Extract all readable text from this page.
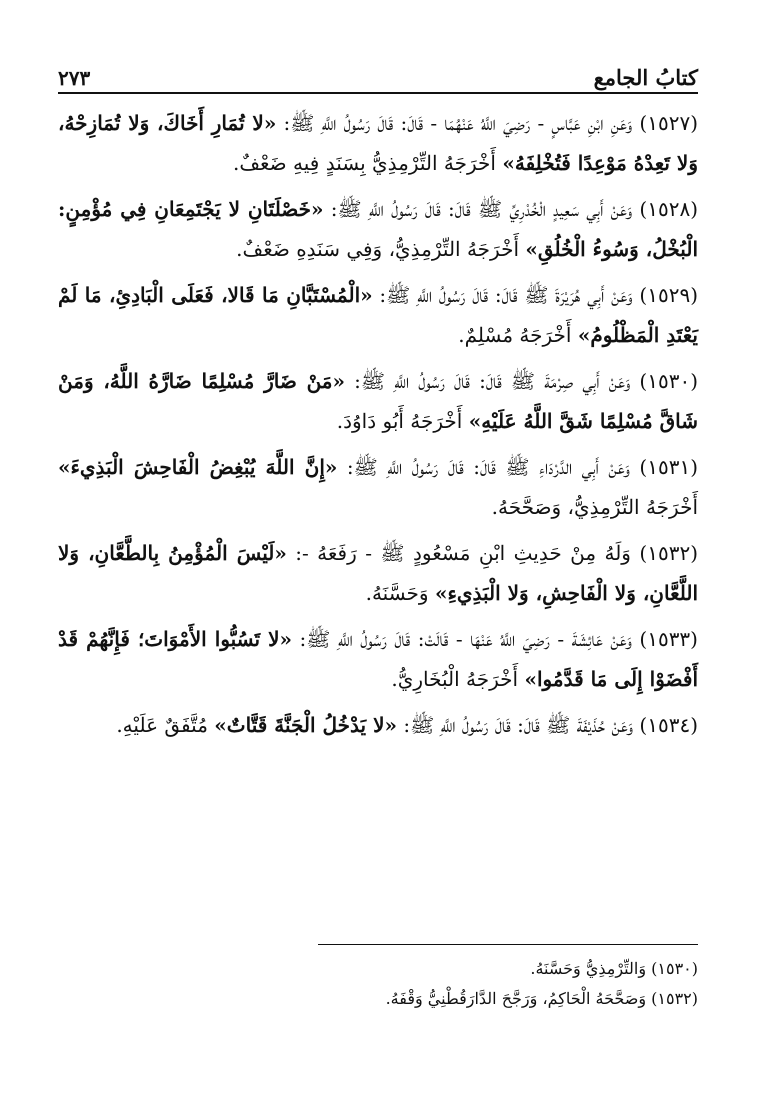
كتابُ الجامع
٢٧٣

(١٥٢٧) وَعَنِ ابْنِ عَبَّاسٍ - رَضِيَ اللَّهُ عَنْهُمَا - قَالَ: قَالَ رَسُولُ اللَّهِ ﷺ: «لا تُمَارِ أَخَاكَ، وَلا تُمَازِحْهُ، وَلا تَعِدْهُ مَوْعِدًا فَتُخْلِفَهُ» أَخْرَجَهُ التِّرْمِذِيُّ بِسَنَدٍ فِيهِ ضَعْفٌ.

(١٥٢٨) وَعَنْ أَبِي سَعِيدٍ الْخُدْرِيِّ ﷺ قَالَ: قَالَ رَسُولُ اللَّهِ ﷺ: «خَصْلَتَانِ لا يَجْتَمِعَانِ فِي مُؤْمِنٍ: الْبُخْلُ، وَسُوءُ الْخُلُقِ» أَخْرَجَهُ التِّرْمِذِيُّ، وَفِي سَنَدِهِ ضَعْفٌ.

(١٥٢٩) وَعَنْ أَبِي هُرَيْرَةَ ﷺ قَالَ: قَالَ رَسُولُ اللَّهِ ﷺ: «الْمُسْتَبَّانِ مَا قَالا، فَعَلَى الْبَادِئِ، مَا لَمْ يَعْتَدِ الْمَظْلُومُ» أَخْرَجَهُ مُسْلِمٌ.

(١٥٣٠) وَعَنْ أَبِي صِرْمَةَ ﷺ قَالَ: قَالَ رَسُولُ اللَّهِ ﷺ: «مَنْ ضَارَّ مُسْلِمًا ضَارَّهُ اللَّهُ، وَمَنْ شَاقَّ مُسْلِمًا شَقَّ اللَّهُ عَلَيْهِ» أَخْرَجَهُ أَبُو دَاوُدَ.

(١٥٣١) وَعَنْ أَبِي الدَّرْدَاءِ ﷺ قَالَ: قَالَ رَسُولُ اللَّهِ ﷺ: «إِنَّ اللَّهَ يُبْغِضُ الْفَاحِشَ الْبَذِيءَ» أَخْرَجَهُ التِّرْمِذِيُّ، وَصَحَّحَهُ.

(١٥٣٢) وَلَهُ مِنْ حَدِيثِ ابْنِ مَسْعُودٍ ﷺ - رَفَعَهُ -: «لَيْسَ الْمُؤْمِنُ بِالطَّعَّانِ، وَلا اللَّعَّانِ، وَلا الْفَاحِشِ، وَلا الْبَذِيءِ» وَحَسَّنَهُ.

(١٥٣٣) وَعَنْ عَائِشَةَ - رَضِيَ اللَّهُ عَنْهَا - قَالَتْ: قَالَ رَسُولُ اللَّهِ ﷺ: «لا تَسُبُّوا الأَمْوَاتَ؛ فَإِنَّهُمْ قَدْ أَفْضَوْا إِلَى مَا قَدَّمُوا» أَخْرَجَهُ الْبُخَارِيُّ.

(١٥٣٤) وَعَنْ حُذَيْفَةَ ﷺ قَالَ: قَالَ رَسُولُ اللَّهِ ﷺ: «لا يَدْخُلُ الْجَنَّةَ قَتَّاتٌ» مُتَّفَقٌ عَلَيْهِ.

(١٥٣٠) وَالتِّرْمِذِيُّ وَحَسَّنَهُ.
(١٥٣٢) وَصَحَّحَهُ الْحَاكِمُ، وَرَجَّحَ الدَّارَقُطْنِيُّ وَقْفَهُ.
